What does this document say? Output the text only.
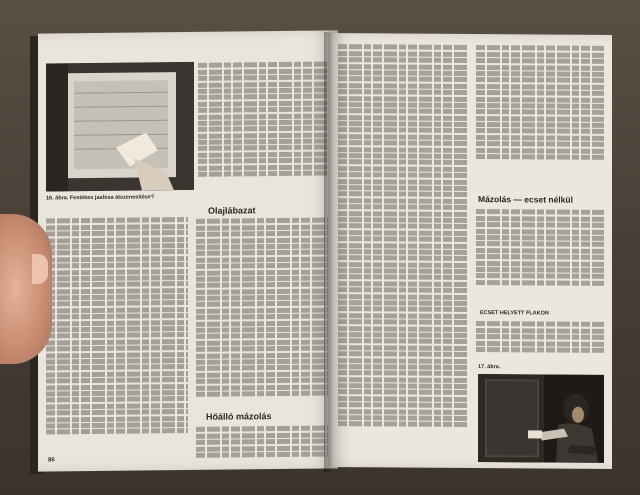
16. ábra. Festékes jaalósa átszenesítése?
Olajlábazat
Hőálló mázolás
86
Mázolás — ecset nélkül
ECSET HELYETT FLAKON
17. ábra.
